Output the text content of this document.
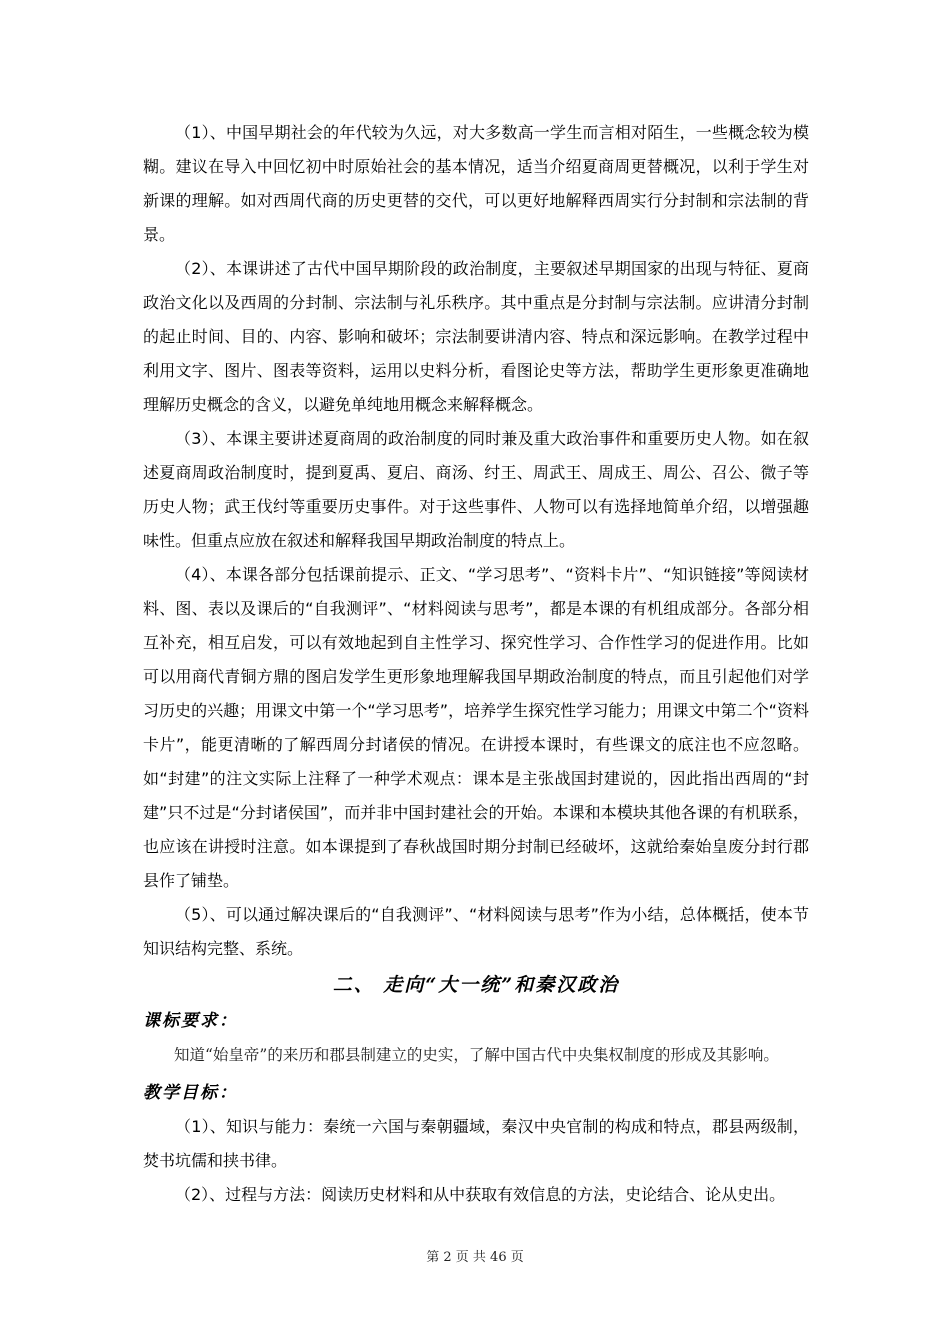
（1）、中国早期社会的年代较为久远，对大多数高一学生而言相对陌生，一些概念较为模糊。建议在导入中回忆初中时原始社会的基本情况，适当介绍夏商周更替概况，以利于学生对新课的理解。如对西周代商的历史更替的交代，可以更好地解释西周实行分封制和宗法制的背景。

（2）、本课讲述了古代中国早期阶段的政治制度，主要叙述早期国家的出现与特征、夏商政治文化以及西周的分封制、宗法制与礼乐秩序。其中重点是分封制与宗法制。应讲清分封制的起止时间、目的、内容、影响和破坏；宗法制要讲清内容、特点和深远影响。在教学过程中利用文字、图片、图表等资料，运用以史料分析，看图论史等方法，帮助学生更形象更准确地理解历史概念的含义，以避免单纯地用概念来解释概念。

（3）、本课主要讲述夏商周的政治制度的同时兼及重大政治事件和重要历史人物。如在叙述夏商周政治制度时，提到夏禹、夏启、商汤、纣王、周武王、周成王、周公、召公、微子等历史人物；武王伐纣等重要历史事件。对于这些事件、人物可以有选择地简单介绍，以增强趣味性。但重点应放在叙述和解释我国早期政治制度的特点上。

（4）、本课各部分包括课前提示、正文、“学习思考”、“资料卡片”、“知识链接”等阅读材料、图、表以及课后的“自我测评”、“材料阅读与思考”，都是本课的有机组成部分。各部分相互补充，相互启发，可以有效地起到自主性学习、探究性学习、合作性学习的促进作用。比如可以用商代青铜方鼎的图启发学生更形象地理解我国早期政治制度的特点，而且引起他们对学习历史的兴趣；用课文中第一个“学习思考”，培养学生探究性学习能力；用课文中第二个“资料卡片”，能更清晰的了解西周分封诸侯的情况。在讲授本课时，有些课文的底注也不应忽略。如“封建”的注文实际上注释了一种学术观点：课本是主张战国封建说的，因此指出西周的“封建”只不过是“分封诸侯国”，而并非中国封建社会的开始。本课和本模块其他各课的有机联系，也应该在讲授时注意。如本课提到了春秋战国时期分封制已经破坏，这就给秦始皇废分封行郡县作了铺垫。

（5）、可以通过解决课后的“自我测评”、“材料阅读与思考”作为小结，总体概括，使本节知识结构完整、系统。

二、 走向“大一统”和秦汉政治
课标要求：

知道“始皇帝”的来历和郡县制建立的史实，了解中国古代中央集权制度的形成及其影响。

教学目标：

（1）、知识与能力：秦统一六国与秦朝疆域，秦汉中央官制的构成和特点，郡县两级制，焚书坑儒和挟书律。

（2）、过程与方法：阅读历史材料和从中获取有效信息的方法，史论结合、论从史出。

第 2 页 共 46 页
